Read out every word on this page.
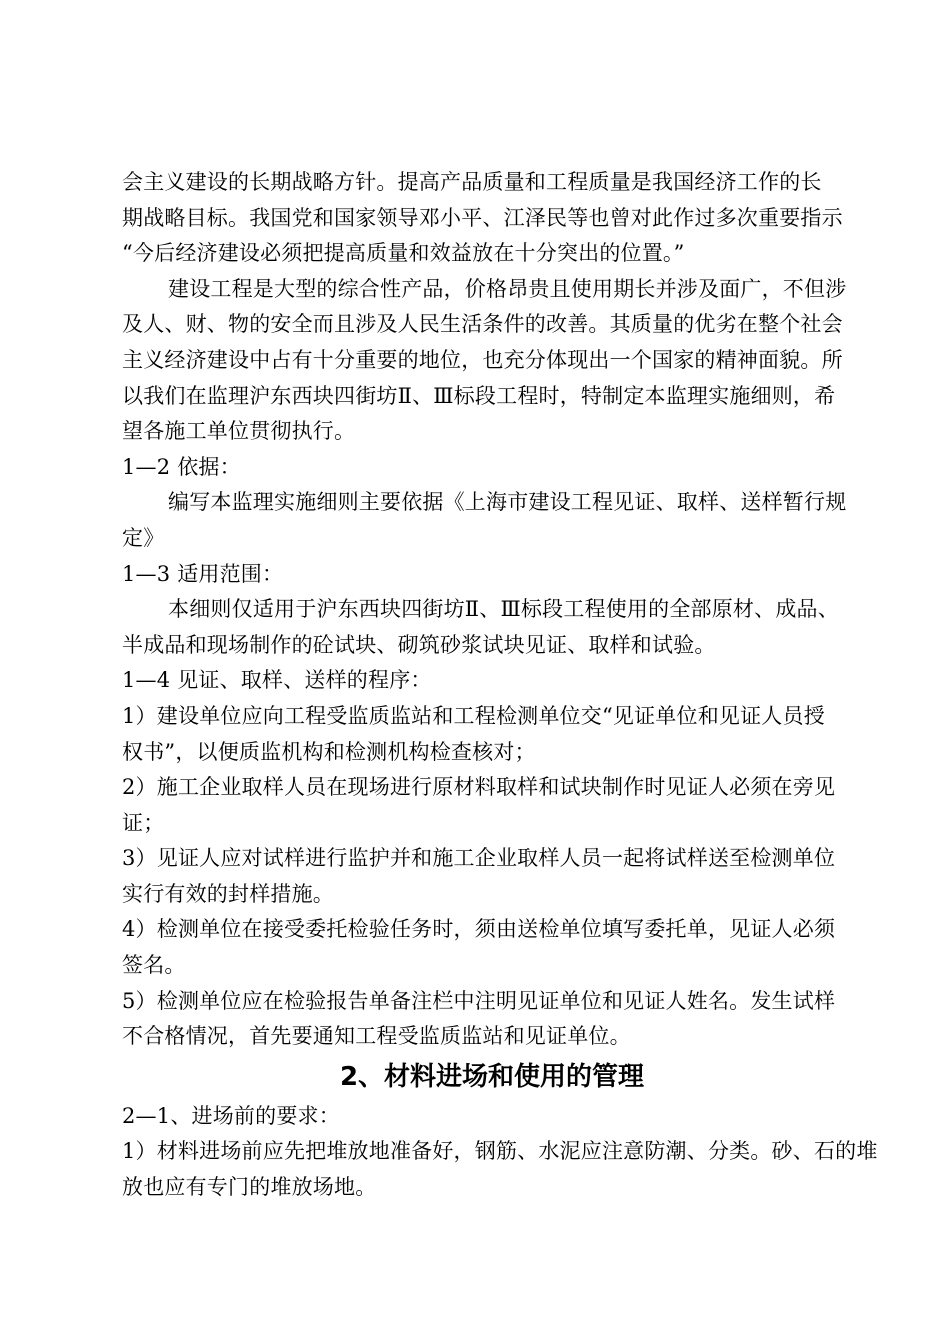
会主义建设的长期战略方针。提高产品质量和工程质量是我国经济工作的长
期战略目标。我国党和国家领导邓小平、江泽民等也曾对此作过多次重要指示
“今后经济建设必须把提高质量和效益放在十分突出的位置。”
建设工程是大型的综合性产品，价格昂贵且使用期长并涉及面广，不但涉
及人、财、物的安全而且涉及人民生活条件的改善。其质量的优劣在整个社会
主义经济建设中占有十分重要的地位，也充分体现出一个国家的精神面貌。所
以我们在监理沪东西块四街坊Ⅱ、Ⅲ标段工程时，特制定本监理实施细则，希
望各施工单位贯彻执行。
1—2 依据：
编写本监理实施细则主要依据《上海市建设工程见证、取样、送样暂行规
定》
1—3 适用范围：
本细则仅适用于沪东西块四街坊Ⅱ、Ⅲ标段工程使用的全部原材、成品、
半成品和现场制作的砼试块、砌筑砂浆试块见证、取样和试验。
1—4 见证、取样、送样的程序：
1）建设单位应向工程受监质监站和工程检测单位交“见证单位和见证人员授
权书”，以便质监机构和检测机构检查核对；
2）施工企业取样人员在现场进行原材料取样和试块制作时见证人必须在旁见
证；
3）见证人应对试样进行监护并和施工企业取样人员一起将试样送至检测单位
实行有效的封样措施。
4）检测单位在接受委托检验任务时，须由送检单位填写委托单，见证人必须
签名。
5）检测单位应在检验报告单备注栏中注明见证单位和见证人姓名。发生试样
不合格情况，首先要通知工程受监质监站和见证单位。
2、材料进场和使用的管理
2—1、进场前的要求：
1）材料进场前应先把堆放地准备好，钢筋、水泥应注意防潮、分类。砂、石的堆
放也应有专门的堆放场地。
